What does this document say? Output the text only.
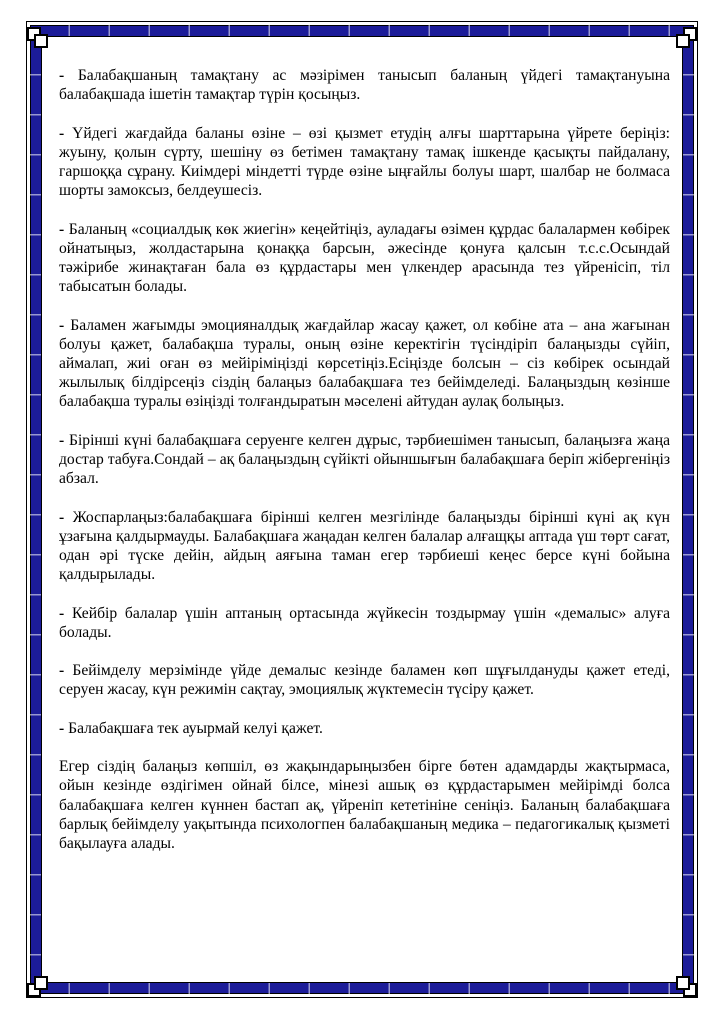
- Балабақшаның тамақтану ас мәзірімен танысып баланың үйдегі тамақтануына балабақшада ішетін тамақтар түрін қосыңыз.

- Үйдегі жағдайда баланы өзіне – өзі қызмет етудің алғы шарттарына үйрете беріңіз: жуыну, қолын сүрту, шешіну өз бетімен тамақтану тамақ ішкенде қасықты пайдалану, гаршоққа сұрану. Киімдері міндетті түрде өзіне ыңғайлы болуы шарт, шалбар не болмаса шорты замоксыз, белдеушесіз.

- Баланың «социалдық көк жиегін» кеңейтіңіз, ауладағы өзімен құрдас балалармен көбірек ойнатыңыз, жолдастарына қонаққа барсын, әжесінде қонуға қалсын т.с.с.Осындай тәжірибе жинақтаған бала өз құрдастары мен үлкендер арасында тез үйренісіп, тіл табысатын болады.

- Баламен жағымды эмоцияналдық жағдайлар жасау қажет, ол көбіне ата – ана жағынан болуы қажет, балабақша туралы, оның өзіне керектігін түсіндіріп балаңызды сүйіп, аймалап, жиі оған өз мейіріміңізді көрсетіңіз.Есіңізде болсын – сіз көбірек осындай жылылық білдірсеңіз сіздің балаңыз балабақшаға тез бейімделеді. Балаңыздың көзінше балабақша туралы өзіңізді толғандыратын мәселені айтудан аулақ болыңыз.

- Бірінші күні балабақшаға серуенге келген дұрыс, тәрбиешімен танысып, балаңызға жаңа достар табуға.Сондай – ақ балаңыздың сүйікті ойыншығын балабақшаға беріп жібергеніңіз абзал.

- Жоспарлаңыз:балабақшаға бірінші келген мезгілінде балаңызды бірінші күні ақ күн ұзағына қалдырмауды. Балабақшаға жаңадан келген балалар алғащқы аптада үш төрт сағат, одан әрі түске дейін, айдың аяғына таман егер тәрбиеші кеңес берсе күні бойына қалдырылады.

- Кейбір балалар үшін аптаның ортасында жүйкесін тоздырмау үшін «демалыс» алуға болады.

- Бейімделу мерзімінде үйде демалыс кезінде баламен көп шұғылдануды қажет етеді, серуен жасау, күн режимін сақтау, эмоциялық жүктемесін түсіру қажет.

- Балабақшаға тек ауырмай келуі қажет.

Егер сіздің балаңыз көпшіл, өз жақындарыңызбен бірге бөтен адамдарды жақтырмаса, ойын кезінде өздігімен ойнай білсе, мінезі ашық өз құрдастарымен мейірімді болса балабақшаға келген күннен бастап ақ, үйреніп кететініне сеніңіз. Баланың балабақшаға барлық бейімделу уақытында психологпен балабақшаның медика – педагогикалық қызметі бақылауға алады.
